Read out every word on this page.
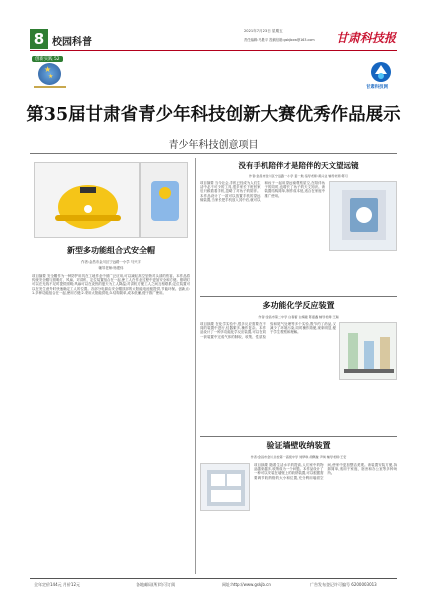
8 校园科普
2021年7月23日 星期五
责任编辑:马胜平 投稿信箱:gskjbxw@163.com 甘肃科技报
创新实践 52
★
★
甘肃科技网
第35届甘肃省青少年科技创新大赛优秀作品展示
青少年科技创意项目
新型多功能组合式安全帽
作者:金昌市金川区宁远路一小学 马兴宇
辅导老师:杨建伟
项目摘要 安全帽作为一种防护用具在工地作业中被广泛应用,可以减轻高空坠物对头部的伤害。本作品将传统安全帽与照明灯、风扇、对讲机、定位装置组合在一起,使工人在作业过程中更加安全和方便。照明灯可以在光线不足时提供照明;风扇可以在炎热的夏天为工人降温;对讲机方便工人之间互相联系;定位装置可以在发生意外时快速确定工人的位置。各部分电源由安全帽顶部的太阳能电池板提供,节能环保。创新点:1.多种功能组合在一起,使用方便;2.采用太阳能供电;3.结构简单,成本低廉,便于推广使用。
没有手机陪伴才是陪伴的天文望远镜
作者:金昌市金川区宁远路一小学 姜一航 指导老师:黄兴业 辅导老师:陈月
项目摘要 当今社会,手机已经成为人们生活中必不可少的工具,很多家长下班回家后只顾着看手机,忽略了对孩子的陪伴。本作品设计了一款可以放置手机的望远镜装置,当家长把手机放入其中后,就可以和孩子一起用望远镜观察星空,在陪伴孩子的同时,也增长了孩子的天文知识。该装置结构简单,制作成本低,适合在家庭中推广使用。
多功能化学反应装置
作者:金昌市第二中学 白春蕾 白婧婕 陈嘉鑫 辅导老师:王瑞
项目摘要 在化学实验中,很多反应需要在不同的装置中进行,仪器繁多,操作复杂。本作品设计了一种多功能化学反应装置,可以在同一套装置中完成气体的制取、收集、性质检验和尾气处理等多个实验,既节约了药品,又减少了环境污染,同时操作简便,现象明显,便于学生观察和理解。
验证墙壁收纳装置
作者:金昌市金川总校第一高级中学 刘梦琪 胡佩璇 尹琪 辅导老师:王宏
项目摘要 随着生活水平的提高,人们家中的物品越来越多,收纳成为一个问题。本作品设计了一种可以安装在墙壁上的收纳装置,可以根据需要调节收纳格的大小和位置,充分利用墙面空间,使家中更加整洁美观。该装置安装方便,拆卸简单,适用于家庭、宿舍和办公室等多种场所。
全年定价144元 月价12元	各地邮局(所)均可订阅	网址:http://www.gskjb.cn	广告发布登记许可编号 6200003013
